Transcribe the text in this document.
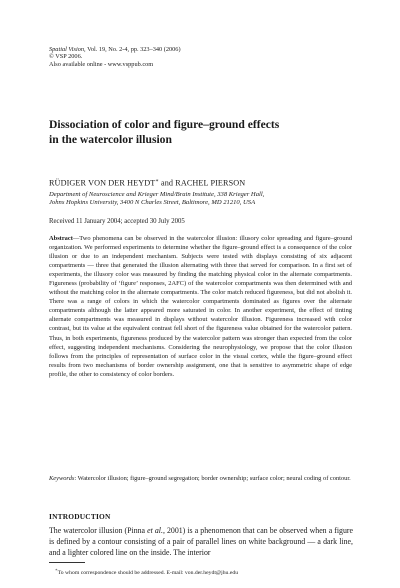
Spatial Vision, Vol. 19, No. 2-4, pp. 323–340 (2006)
© VSP 2006.
Also available online - www.vsppub.com
Dissociation of color and figure–ground effects
in the watercolor illusion
RÜDIGER VON DER HEYDT∗ and RACHEL PIERSON
Department of Neuroscience and Krieger Mind/Brain Institute, 338 Krieger Hall,
Johns Hopkins University, 3400 N Charles Street, Baltimore, MD 21210, USA
Received 11 January 2004; accepted 30 July 2005

Abstract—Two phenomena can be observed in the watercolor illusion: illusory color spreading and figure–ground organization. We performed experiments to determine whether the figure–ground effect is a consequence of the color illusion or due to an independent mechanism. Subjects were tested with displays consisting of six adjacent compartments — three that generated the illusion alternating with three that served for comparison. In a first set of experiments, the illusory color was measured by finding the matching physical color in the alternate compartments. Figureness (probability of ‘figure’ responses, 2AFC) of the watercolor compartments was then determined with and without the matching color in the alternate compartments. The color match reduced figureness, but did not abolish it. There was a range of colors in which the watercolor compartments dominated as figures over the alternate compartments although the latter appeared more saturated in color. In another experiment, the effect of tinting alternate compartments was measured in displays without watercolor illusion. Figureness increased with color contrast, but its value at the equivalent contrast fell short of the figureness value obtained for the watercolor pattern. Thus, in both experiments, figureness produced by the watercolor pattern was stronger than expected from the color effect, suggesting independent mechanisms. Considering the neurophysiology, we propose that the color illusion follows from the principles of representation of surface color in the visual cortex, while the figure–ground effect results from two mechanisms of border ownership assignment, one that is sensitive to asymmetric shape of edge profile, the other to consistency of color borders.

Keywords: Watercolor illusion; figure–ground segregation; border ownership; surface color; neural coding of contour.

INTRODUCTION

The watercolor illusion (Pinna et al., 2001) is a phenomenon that can be observed when a figure is defined by a contour consisting of a pair of parallel lines on white background — a dark line, and a lighter colored line on the inside. The interior

∗To whom correspondence should be addressed. E-mail: von.der.heydt@jhu.edu
